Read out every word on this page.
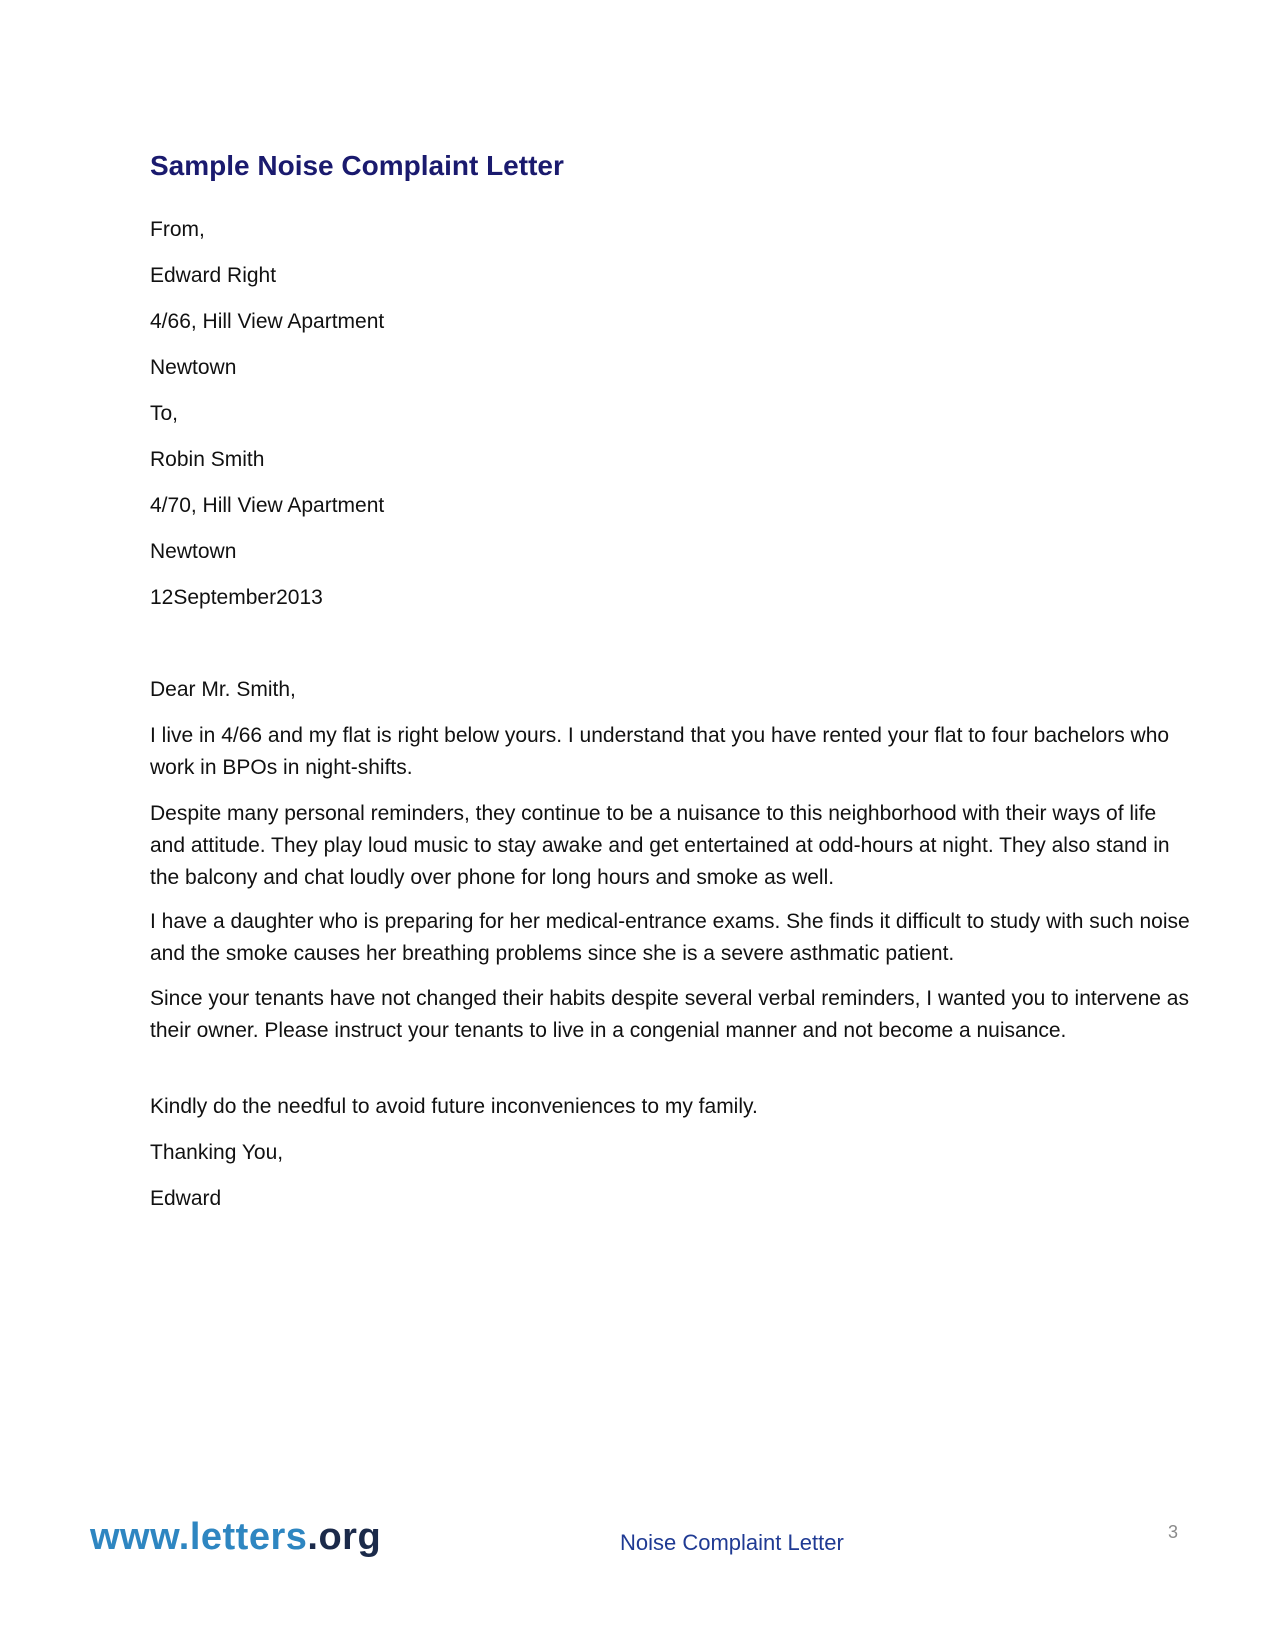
Sample Noise Complaint Letter
From,
Edward Right
4/66, Hill View Apartment
Newtown
To,
Robin Smith
4/70, Hill View Apartment
Newtown
12September2013
Dear Mr. Smith,
I live in 4/66 and my flat is right below yours. I understand that you have rented your flat to four bachelors who work in BPOs in night-shifts.
Despite many personal reminders, they continue to be a nuisance to this neighborhood with their ways of life and attitude. They play loud music to stay awake and get entertained at odd-hours at night. They also stand in the balcony and chat loudly over phone for long hours and smoke as well.
I have a daughter who is preparing for her medical-entrance exams. She finds it difficult to study with such noise and the smoke causes her breathing problems since she is a severe asthmatic patient.
Since your tenants have not changed their habits despite several verbal reminders, I wanted you to intervene as their owner. Please instruct your tenants to live in a congenial manner and not become a nuisance.
Kindly do the needful to avoid future inconveniences to my family.
Thanking You,
Edward
www.letters.org	Noise Complaint Letter	3
